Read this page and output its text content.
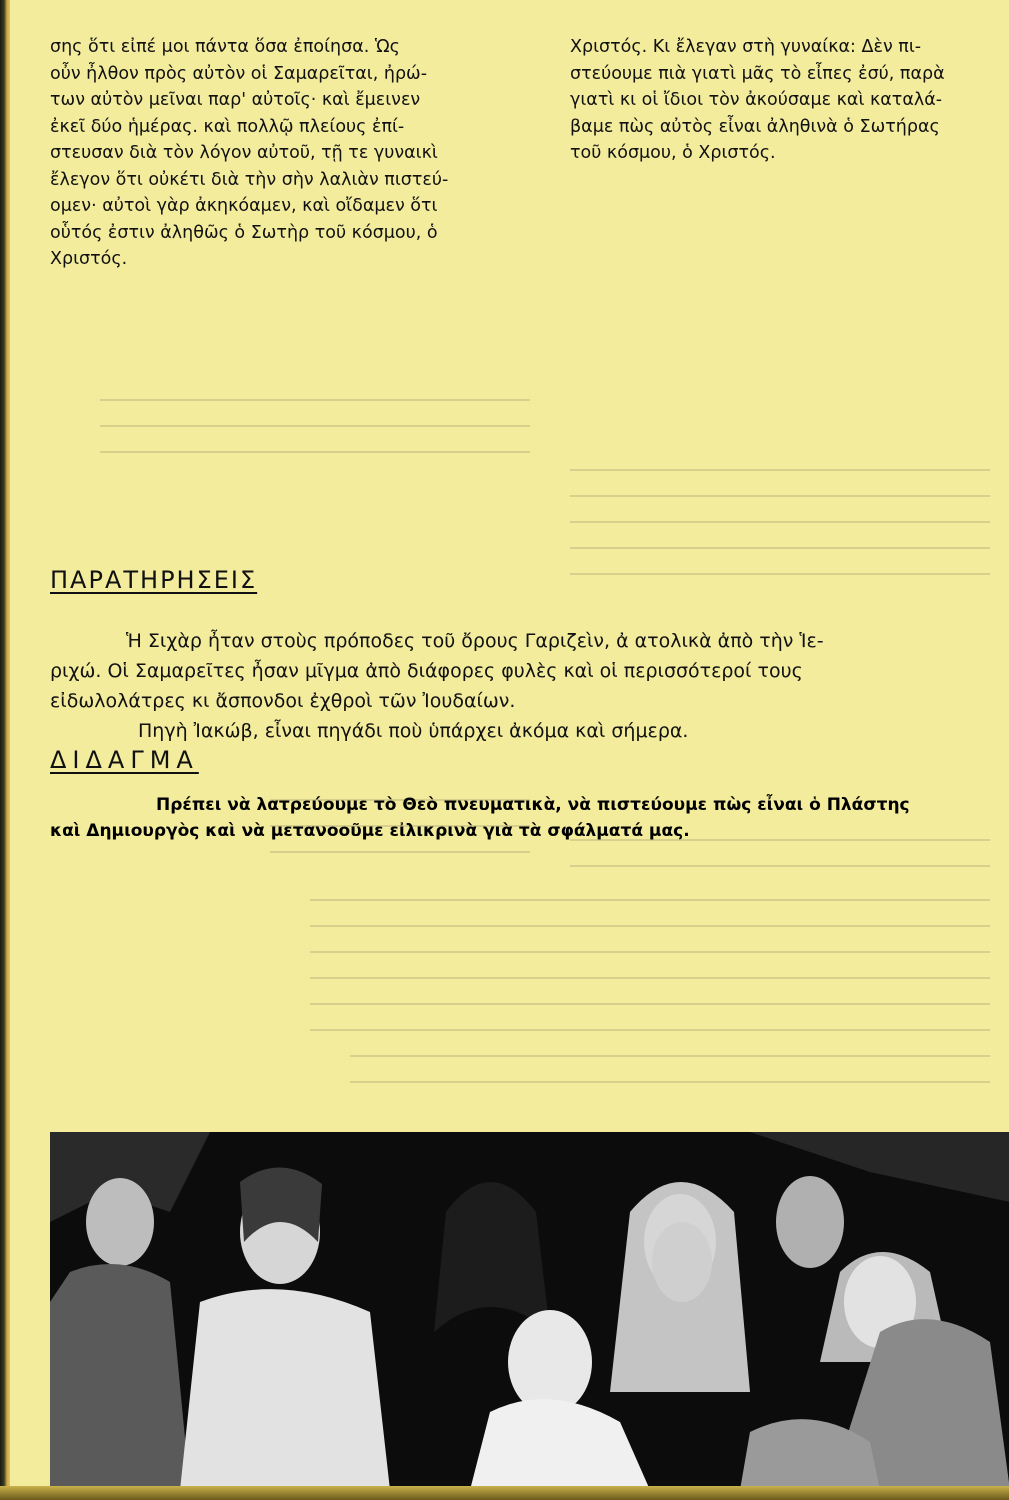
σης ὅτι εἰπέ μοι πάντα ὅσα ἐποίησα. Ὡς
οὖν ἦλθον πρὸς αὐτὸν οἱ Σαμαρεῖται, ἠρώ-
των αὐτὸν μεῖναι παρ' αὐτοῖς· καὶ ἔμεινεν
ἐκεῖ δύο ἡμέρας. καὶ πολλῷ πλείους ἐπί-
στευσαν διὰ τὸν λόγον αὐτοῦ, τῇ τε γυναικὶ
ἔλεγον ὅτι οὐκέτι διὰ τὴν σὴν λαλιὰν πιστεύ-
ομεν· αὐτοὶ γὰρ ἀκηκόαμεν, καὶ οἴδαμεν ὅτι
οὗτός ἐστιν ἀληθῶς ὁ Σωτὴρ τοῦ κόσμου, ὁ
Χριστός.
Χριστός. Κι ἔλεγαν στὴ γυναίκα: Δὲν πι-
στεύουμε πιὰ γιατὶ μᾶς τὸ εἶπες ἐσύ, παρὰ
γιατὶ κι οἱ ἴδιοι τὸν ἀκούσαμε καὶ καταλά-
βαμε πὼς αὐτὸς εἶναι ἀληθινὰ ὁ Σωτήρας
τοῦ κόσμου, ὁ Χριστός.
ΠΑΡΑΤΗΡΗΣΕΙΣ
Ἡ Σιχὰρ ἦταν στοὺς πρόποδες τοῦ ὄρους Γαριζεὶν, ἀ ατολικὰ ἀπὸ τὴν Ἱε-
ριχώ. Οἱ Σαμαρεῖτες ἦσαν μῖγμα ἀπὸ διάφορες φυλὲς καὶ οἱ περισσότεροί τους
εἰδωλολάτρες κι ἄσπονδοι ἐχθροὶ τῶν Ἰουδαίων.
Πηγὴ Ἰακώβ, εἶναι πηγάδι ποὺ ὑπάρχει ἀκόμα καὶ σήμερα.
ΔΙΔΑΓΜΑ
Πρέπει νὰ λατρεύουμε τὸ Θεὸ πνευματικὰ, νὰ πιστεύουμε πὼς εἶναι ὁ Πλάστης
καὶ Δημιουργὸς καὶ νὰ μετανοοῦμε εἰλικρινὰ γιὰ τὰ σφάλματά μας.
